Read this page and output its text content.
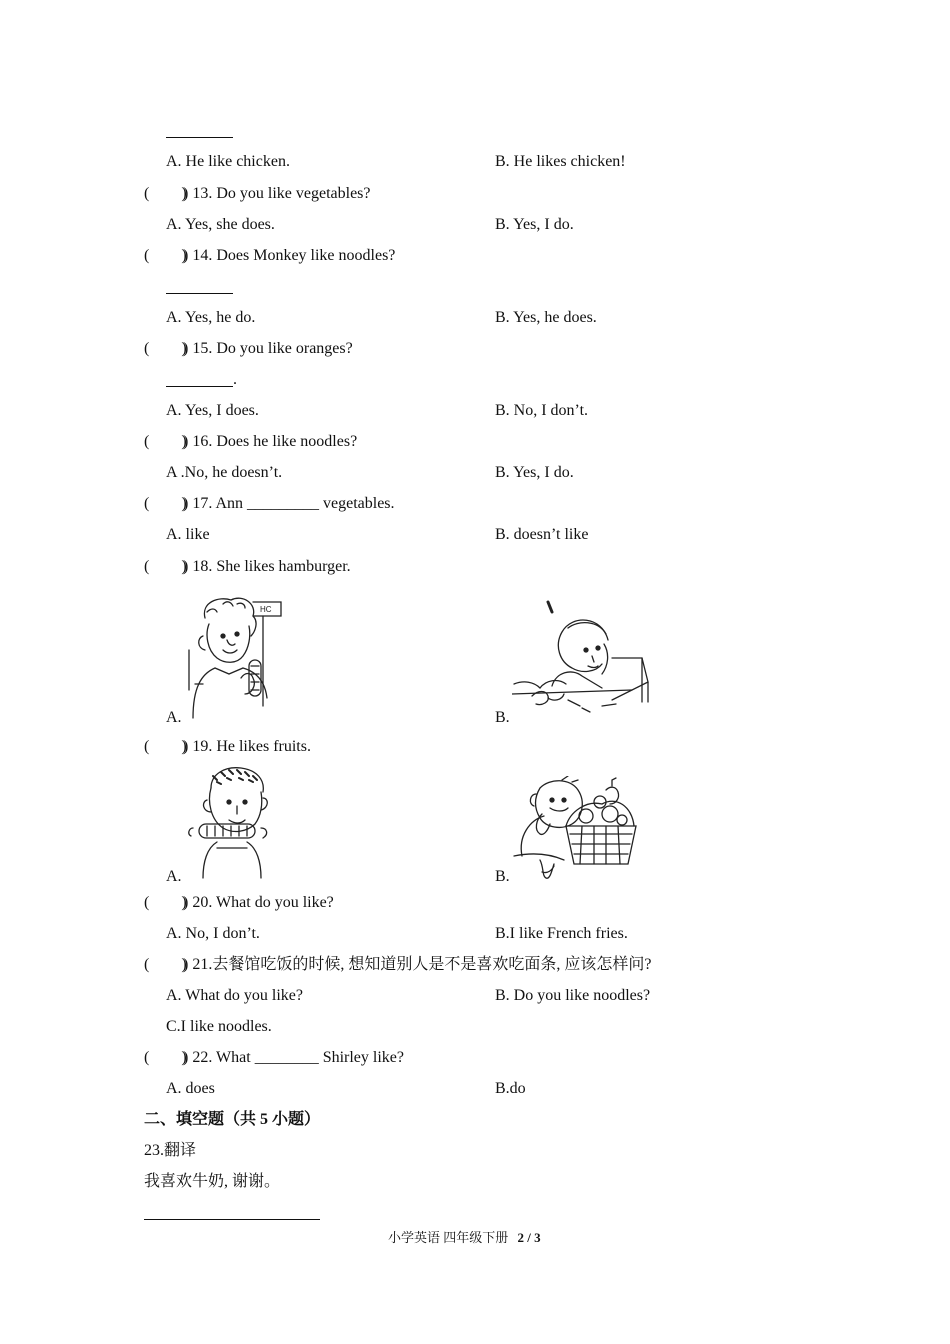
A. He like chicken.	B. He likes chicken!
(        )
) 13. Do you like vegetables?
A. Yes, she does.	B. Yes, I do.
(        )
) 14. Does Monkey like noodles?
A. Yes, he do.	B. Yes, he does.
(        )
) 15. Do you like oranges?
.
A. Yes, I does.	B. No, I don’t.
(        )
) 16. Does he like noodles?
A .No, he doesn’t.	B. Yes, I do.
(        )
) 17. Ann _________ vegetables.
A. like	B. doesn’t like
(        )
) 18. She likes hamburger.
HC
A.	B.
(        )
) 19. He likes fruits.
A.	B.
(        )
) 20. What do you like?
A. No, I don’t.	B.I like French fries.
(        )
) 21.去餐馆吃饭的时候, 想知道别人是不是喜欢吃面条, 应该怎样问?
A. What do you like?	B. Do you like noodles?
C.I like noodles.
(        )
) 22. What ________ Shirley like?
A. does	B.do
二、填空题（共 5 小题）
23.翻译
我喜欢牛奶, 谢谢。
小学英语 四年级下册 2 / 3
